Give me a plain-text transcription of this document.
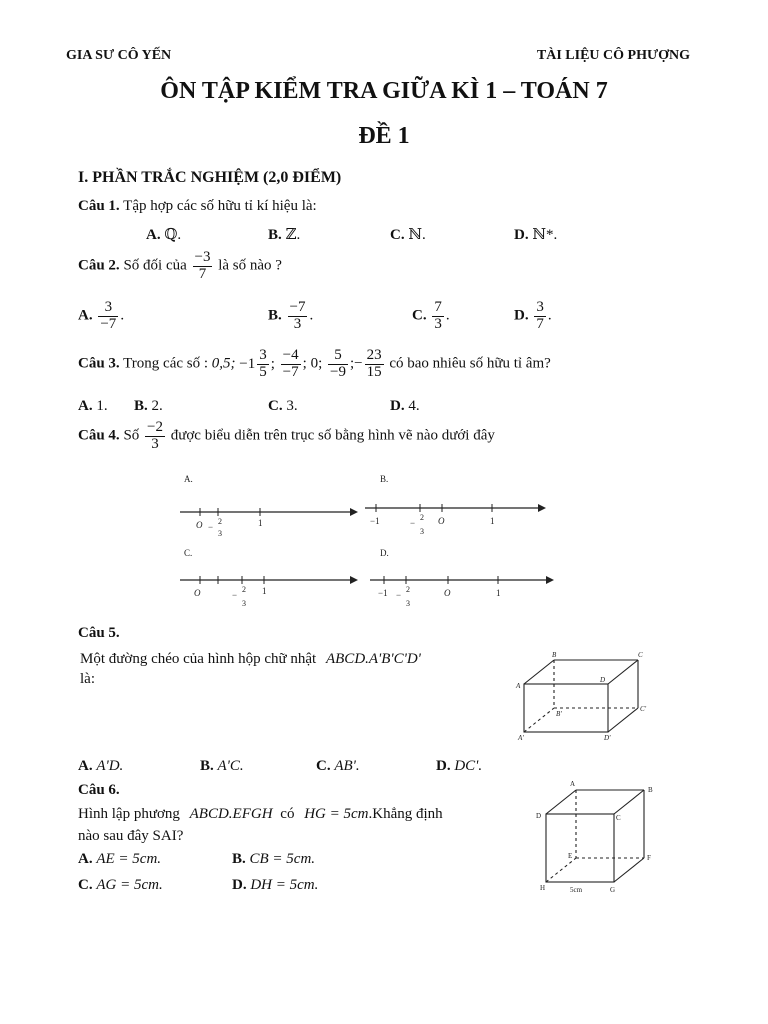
GIA SƯ CÔ YẾN	TÀI LIỆU CÔ PHƯỢNG
ÔN TẬP KIỂM TRA GIỮA KÌ 1 – TOÁN 7
ĐỀ 1
I. PHẦN TRẮC NGHIỆM (2,0 ĐIỂM)
Câu 1. Tập hợp các số hữu tỉ kí hiệu là:
A. ℚ.	B. ℤ.	C. ℕ.	D. ℕ*.
Câu 2. Số đối của $\frac{-3}{7}$ là số nào ?
A. $\frac{3}{-7}$ .	B. $\frac{-7}{3}$ .	C. $\frac{7}{3}$ .	D. $\frac{3}{7}$ .
Câu 3. Trong các số : 0,5; $-1 \frac{3}{5}$ ; $\frac{-4}{-7}$ ; 0; $\frac{5}{-9}$ ;− $\frac{23}{15}$ có bao nhiêu số hữu tỉ âm?
A. 1. B. 2.	C. 3.	D. 4.
Câu 4. Số $\frac{-2}{3}$ được biểu diễn trên trục số bằng hình vẽ nào dưới đây
A.
O −
2
3
1
B.
−1	−
2
3
O	1
C.
O	−
2
3
1
D.
−1 −
2
3
O	1
Câu 5.
Một đường chéo của hình hộp chữ nhật ABCD.A'B'C'D'
là:
B	C
A
D
B'
C'
A'	D'
A. A'D.	B. A'C.	C. AB'.	D. DC'.
Câu 6.
Hình lập phương ABCD.EFGH có HG = 5cm.Khẳng định
nào sau đây SAI?
A. AE = 5cm.	B. CB = 5cm.
C. AG = 5cm.	D. DH = 5cm.
A
B
D	C
E	F
H	5cm	G
